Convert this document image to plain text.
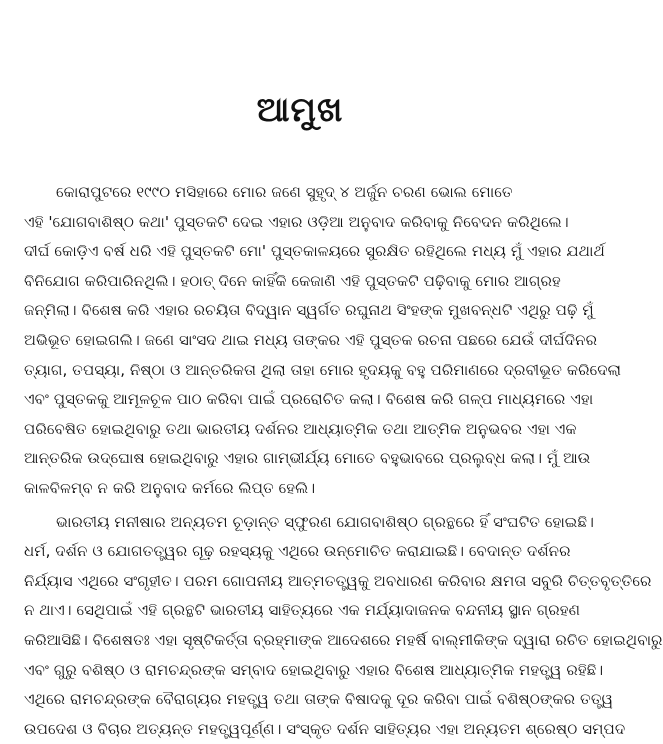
ଆମୁଖ
କୋରାପୁଟରେ ୧୯୯୦ ମସିହାରେ ମୋର ଜଣେ ସୁହୃଦ୍ ୪ ଅର୍ଜୁନ ଚରଣ ଭୋଲ ମୋତେ
ଏହି 'ଯୋଗବାଶିଷ୍ଠ କଥା' ପୁସ୍ତକଟି ଦେଇ ଏହାର ଓଡ଼ିଆ ଅନୁବାଦ କରିବାକୁ ନିବେଦନ କରିଥିଲେ।
ଦୀର୍ଘ କୋଡ଼ିଏ ବର୍ଷ ଧରି ଏହି ପୁସ୍ତକଟି ମୋ' ପୁସ୍ତକାଳୟରେ ସୁରକ୍ଷିତ ରହିଥିଲେ ମଧ୍ୟ ମୁଁ ଏହାର ଯଥାର୍ଥ
ବିନିଯୋଗ କରିପାରିନଥିଲି। ହଠାତ୍ ଦିନେ କାହିଁକି କେଜାଣି ଏହି ପୁସ୍ତକଟି ପଢ଼ିବାକୁ ମୋର ଆଗ୍ରହ
ଜନ୍ମିଲା। ବିଶେଷ କରି ଏହାର ରଚୟିତା ବିଦ୍ୱାନ ସ୍ୱର୍ଗତ ରଘୁନାଥ ସିଂହଙ୍କ ମୁଖବନ୍ଧଟି ଏଥିରୁ ପଢ଼ି ମୁଁ
ଅଭିଭୂତ ହୋଇଗଲି। ଜଣେ ସାଂସଦ ଥାଇ ମଧ୍ୟ ତାଙ୍କର ଏହି ପୁସ୍ତକ ରଚନା ପଛରେ ଯେଉଁ ଦୀର୍ଘଦିନର
ତ୍ୟାଗ, ତପସ୍ୟା, ନିଷ୍ଠା ଓ ଆନ୍ତରିକତା ଥିଲା ତାହା ମୋର ହୃଦୟକୁ ବହୁ ପରିମାଣରେ ଦ୍ରବୀଭୂତ କରିଦେଲା
ଏବଂ ପୁସ୍ତକକୁ ଆମୂଳଚୂଳ ପାଠ କରିବା ପାଇଁ ପ୍ରରୋଚିତ କଲା। ବିଶେଷ କରି ଗଳ୍ପ ମାଧ୍ୟମରେ ଏହା
ପରିବେଷିତ ହୋଇଥିବାରୁ ତଥା ଭାରତୀୟ ଦର୍ଶନର ଆଧ୍ୟାତ୍ମିକ ତଥା ଆତ୍ମିକ ଅନୁଭବର ଏହା ଏକ
ଆନ୍ତରିକ ଉଦ୍‌ଘୋଷ ହୋଇଥିବାରୁ ଏହାର ଗାମ୍ଭୀର୍ଯ୍ୟ ମୋତେ ବହୁଭାବରେ ପ୍ରଲୁବ୍ଧ କଲା। ମୁଁ ଆଉ
କାଳବିଳମ୍ବ ନ କରି ଅନୁବାଦ କର୍ମରେ ଲିପ୍ତ ହେଲି।
ଭାରତୀୟ ମନୀଷାର ଅନ୍ୟତମ ଚୂଡ଼ାନ୍ତ ସ୍ଫୁରଣ ଯୋଗବାଶିଷ୍ଠ ଗ୍ରନ୍ଥରେ ହିଁ ସଂଘଟିତ ହୋଇଛି।
ଧର୍ମ, ଦର୍ଶନ ଓ ଯୋଗତତ୍ତ୍ୱର ଗୂଢ଼ ରହସ୍ୟକୁ ଏଥିରେ ଉନ୍ମୋଚିତ କରାଯାଇଛି। ବେଦାନ୍ତ ଦର୍ଶନର
ନିର୍ଯ୍ୟାସ ଏଥିରେ ସଂଗୃହୀତ। ପରମ ଗୋପନୀୟ ଆତ୍ମତତ୍ତ୍ୱକୁ ଅବଧାରଣ କରିବାର କ୍ଷମତା ସବୁରି ଚିତ୍ତବୃତ୍ତିରେ
ନ ଥାଏ। ସେଥିପାଇଁ ଏହି ଗ୍ରନ୍ଥଟି ଭାରତୀୟ ସାହିତ୍ୟରେ ଏକ ମର୍ଯ୍ୟାଦାଜନକ ବନ୍ଦନୀୟ ସ୍ଥାନ ଗ୍ରହଣ
କରିଆସିଛି। ବିଶେଷତଃ ଏହା ସୃଷ୍ଟିକର୍ତ୍ତା ବ୍ରହ୍ମାଙ୍କ ଆଦେଶରେ ମହର୍ଷି ବାଲ୍ମୀକିଙ୍କ ଦ୍ୱାରା ରଚିତ ହୋଇଥିବାରୁ
ଏବଂ ଗୁରୁ ବଶିଷ୍ଠ ଓ ରାମଚନ୍ଦ୍ରଙ୍କ ସମ୍ବାଦ ହୋଇଥିବାରୁ ଏହାର ବିଶେଷ ଆଧ୍ୟାତ୍ମିକ ମହତ୍ତ୍ୱ ରହିଛି।
ଏଥିରେ ରାମଚନ୍ଦ୍ରଙ୍କ ବୈରାଗ୍ୟର ମହତ୍ତ୍ୱ ତଥା ତାଙ୍କ ବିଷାଦକୁ ଦୂର କରିବା ପାଇଁ ବଶିଷ୍ଠଙ୍କର ତତ୍ତ୍ୱ
ଉପଦେଶ ଓ ବିଚାର ଅତ୍ୟନ୍ତ ମହତ୍ତ୍ୱପୂର୍ଣ୍ଣ। ସଂସ୍କୃତ ଦର୍ଶନ ସାହିତ୍ୟର ଏହା ଅନ୍ୟତମ ଶ୍ରେଷ୍ଠ ସମ୍ପଦ
